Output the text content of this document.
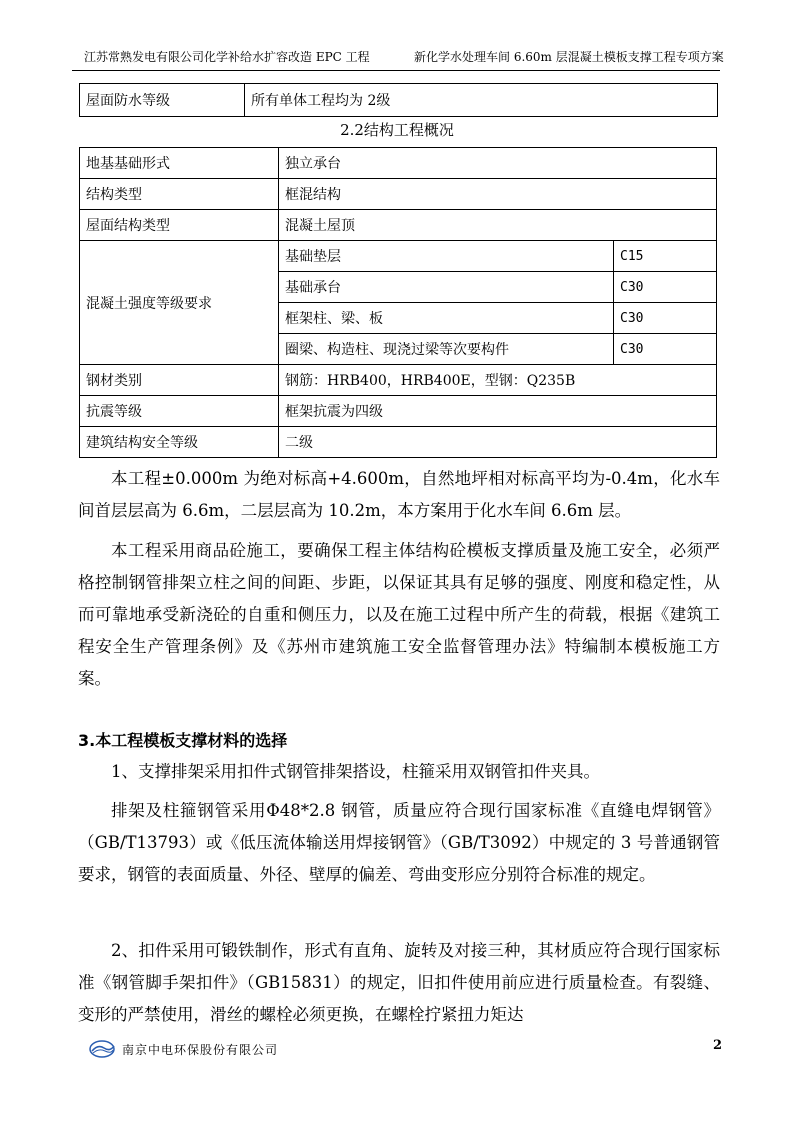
江苏常熟发电有限公司化学补给水扩容改造 EPC 工程	新化学水处理车间 6.60m 层混凝土模板支撑工程专项方案
屋面防水等级	所有单体工程均为 2级
2.2结构工程概况
地基基础形式	独立承台	
结构类型	框混结构	
屋面结构类型	混凝土屋顶	
混凝土强度等级要求	基础垫层	C15
	基础承台	C30
	框架柱、梁、板	C30
	圈梁、构造柱、现浇过梁等次要构件	C30
钢材类别	钢筋：HRB400，HRB400E，型钢：Q235B	
抗震等级	框架抗震为四级	
建筑结构安全等级	二级	
本工程±0.000m 为绝对标高+4.600m，自然地坪相对标高平均为-0.4m，化水车间首层层高为 6.6m，二层层高为 10.2m，本方案用于化水车间 6.6m 层。
本工程采用商品砼施工，要确保工程主体结构砼模板支撑质量及施工安全，必须严格控制钢管排架立柱之间的间距、步距，以保证其具有足够的强度、刚度和稳定性，从而可靠地承受新浇砼的自重和侧压力，以及在施工过程中所产生的荷载，根据《建筑工程安全生产管理条例》及《苏州市建筑施工安全监督管理办法》特编制本模板施工方案。
3.本工程模板支撑材料的选择
1、支撑排架采用扣件式钢管排架搭设，柱箍采用双钢管扣件夹具。
排架及柱箍钢管采用Φ48*2.8 钢管，质量应符合现行国家标准《直缝电焊钢管》（GB/T13793）或《低压流体输送用焊接钢管》（GB/T3092）中规定的 3 号普通钢管要求，钢管的表面质量、外径、壁厚的偏差、弯曲变形应分别符合标准的规定。
2、扣件采用可锻铁制作，形式有直角、旋转及对接三种，其材质应符合现行国家标准《钢管脚手架扣件》（GB15831）的规定，旧扣件使用前应进行质量检查。有裂缝、变形的严禁使用，滑丝的螺栓必须更换，在螺栓拧紧扭力矩达
南京中电环保股份有限公司	2
